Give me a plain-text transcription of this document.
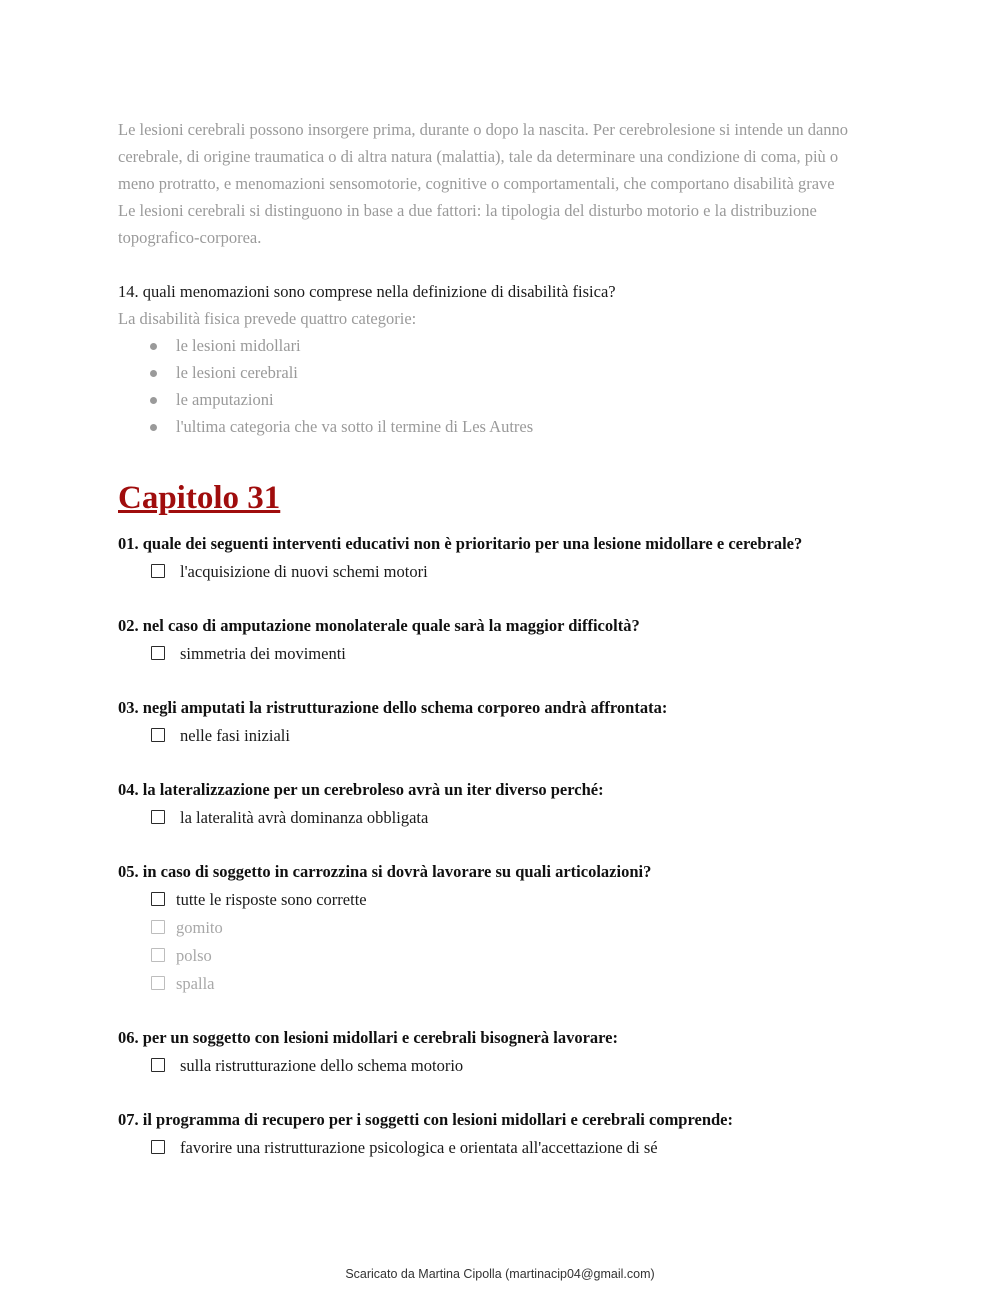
Le lesioni cerebrali possono insorgere prima, durante o dopo la nascita. Per cerebrolesione si intende un danno
cerebrale, di origine traumatica o di altra natura (malattia), tale da determinare una condizione di coma, più o
meno protratto, e menomazioni sensomotorie, cognitive o comportamentali, che comportano disabilità grave
Le lesioni cerebrali si distinguono in base a due fattori: la tipologia del disturbo motorio e la distribuzione
topografico-corporea.

14. quali menomazioni sono comprese nella definizione di disabilità fisica?
La disabilità fisica prevede quattro categorie:
le lesioni midollari
le lesioni cerebrali
le amputazioni
l'ultima categoria che va sotto il termine di Les Autres
Capitolo 31
01. quale dei seguenti interventi educativi non è prioritario per una lesione midollare e cerebrale?
l'acquisizione di nuovi schemi motori
02. nel caso di amputazione monolaterale quale sarà la maggior difficoltà?
simmetria dei movimenti
03. negli amputati la ristrutturazione dello schema corporeo andrà affrontata:
nelle fasi iniziali
04. la lateralizzazione per un cerebroleso avrà un iter diverso perché:
la lateralità avrà dominanza obbligata
05. in caso di soggetto in carrozzina si dovrà lavorare su quali articolazioni?
tutte le risposte sono corrette
gomito
polso
spalla
06. per un soggetto con lesioni midollari e cerebrali bisognerà lavorare:
sulla ristrutturazione dello schema motorio
07. il programma di recupero per i soggetti con lesioni midollari e cerebrali comprende:
favorire una ristrutturazione psicologica e orientata all'accettazione di sé
Scaricato da Martina Cipolla (martinacip04@gmail.com)
